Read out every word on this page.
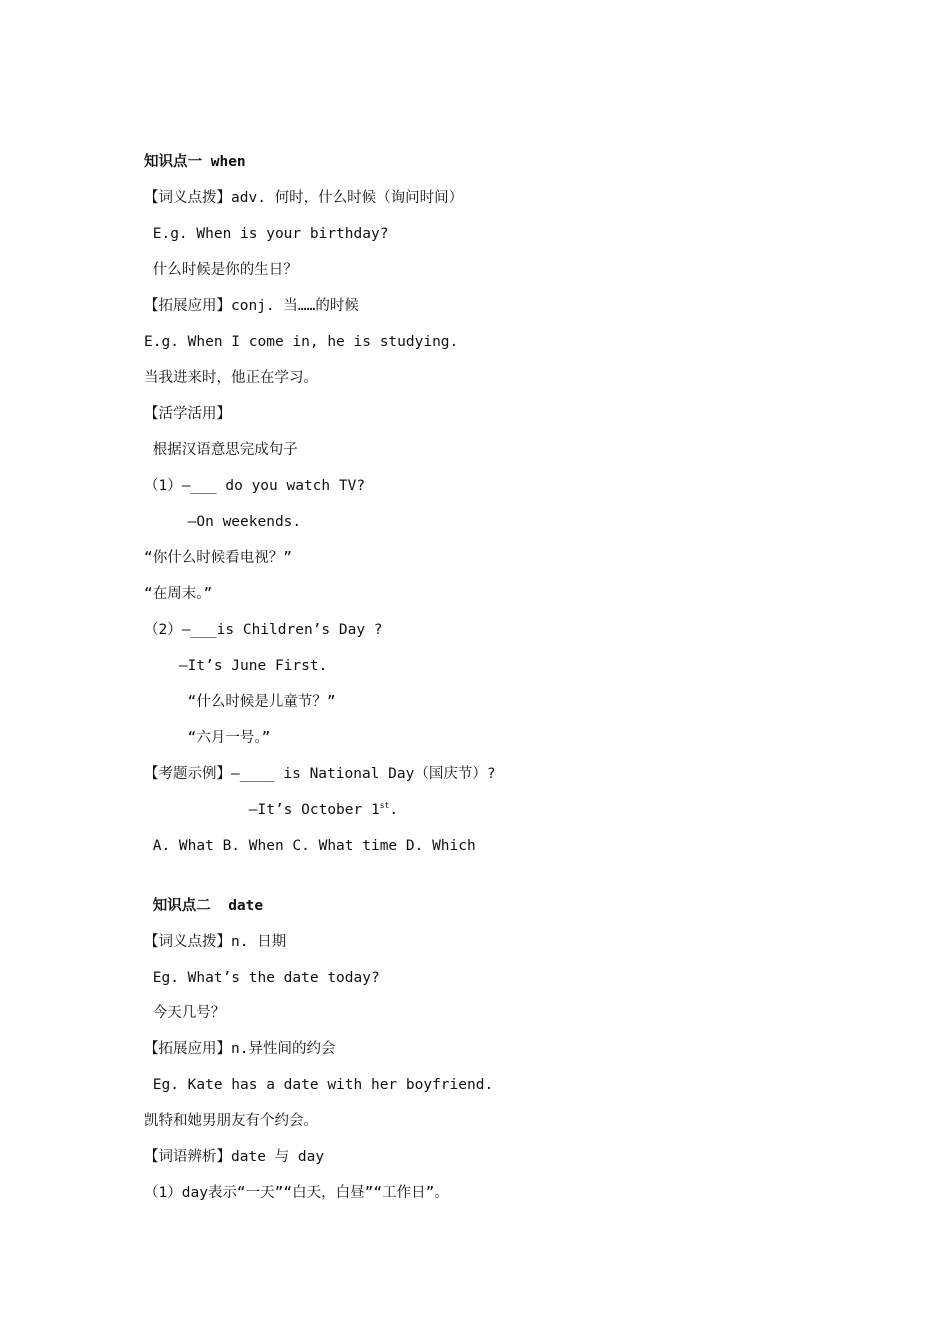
知识点一 when
【词义点拨】adv. 何时，什么时候（询问时间）
E.g. When is your birthday?
什么时候是你的生日？
【拓展应用】conj. 当……的时候
E.g. When I come in, he is studying.
当我进来时，他正在学习。
【活学活用】
根据汉语意思完成句子
（1）—___ do you watch TV?
—On weekends.
“你什么时候看电视？”
“在周末。”
（2）—___is Children’s Day ?
—It’s June First.
“什么时候是儿童节？”
“六月一号。”
【考题示例】—____ is National Day（国庆节）?
—It’s October 1st.
A. What B. When C. What time D. Which
知识点二  date
【词义点拨】n. 日期
Eg. What’s the date today?
今天几号？
【拓展应用】n.异性间的约会
Eg. Kate has a date with her boyfriend.
凯特和她男朋友有个约会。
【词语辨析】date 与 day
（1）day表示“一天”“白天，白昼”“工作日”。
